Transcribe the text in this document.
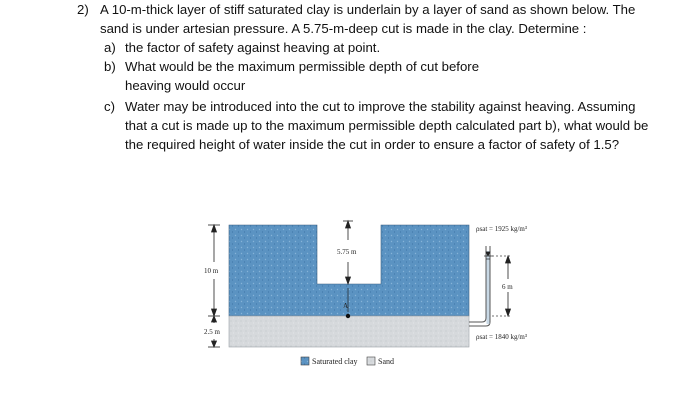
2) A 10-m-thick layer of stiff saturated clay is underlain by a layer of sand as shown below. The
sand is under artesian pressure. A 5.75-m-deep cut is made in the clay. Determine :
a) the factor of safety against heaving at point.
b) What would be the maximum permissible depth of cut before
heaving would occur
c) Water may be introduced into the cut to improve the stability against heaving. Assuming
that a cut is made up to the maximum permissible depth calculated part b), what would be
the required height of water inside the cut in order to ensure a factor of safety of 1.5?
10 m
2.5 m
5.75 m
A
6 m
ρsat = 1925 kg/m³
ρsat = 1840 kg/m³
Saturated clay	Sand
